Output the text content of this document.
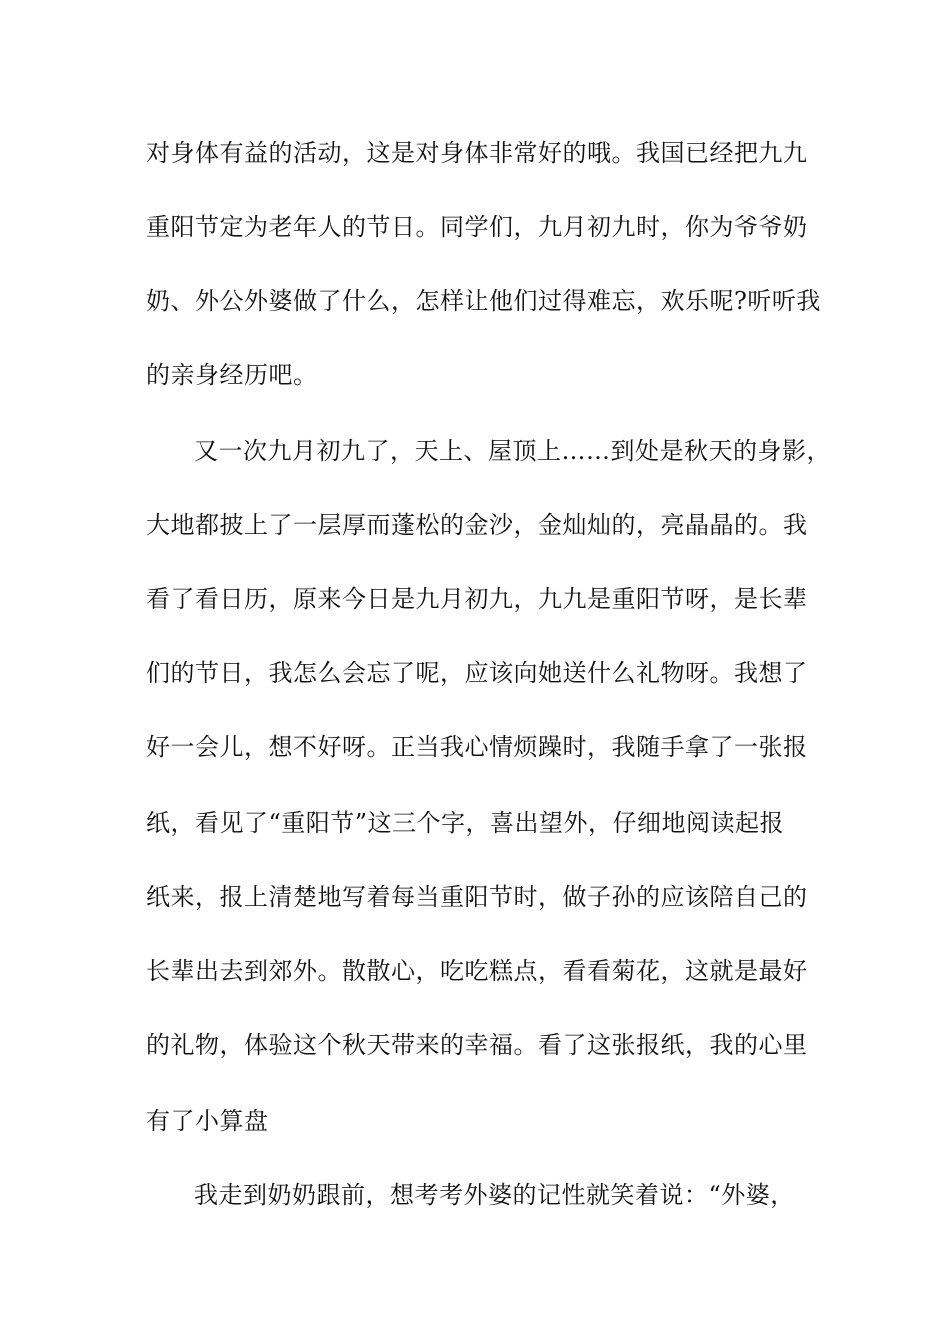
对身体有益的活动，这是对身体非常好的哦。我国已经把九九
重阳节定为老年人的节日。同学们，九月初九时，你为爷爷奶
奶、外公外婆做了什么，怎样让他们过得难忘，欢乐呢?听听我
的亲身经历吧。
又一次九月初九了，天上、屋顶上……到处是秋天的身影，
大地都披上了一层厚而蓬松的金沙，金灿灿的，亮晶晶的。我
看了看日历，原来今日是九月初九，九九是重阳节呀，是长辈
们的节日，我怎么会忘了呢，应该向她送什么礼物呀。我想了
好一会儿，想不好呀。正当我心情烦躁时，我随手拿了一张报
纸，看见了“重阳节”这三个字，喜出望外，仔细地阅读起报
纸来，报上清楚地写着每当重阳节时，做子孙的应该陪自己的
长辈出去到郊外。散散心，吃吃糕点，看看菊花，这就是最好
的礼物，体验这个秋天带来的幸福。看了这张报纸，我的心里
有了小算盘
我走到奶奶跟前，想考考外婆的记性就笑着说：“外婆，
